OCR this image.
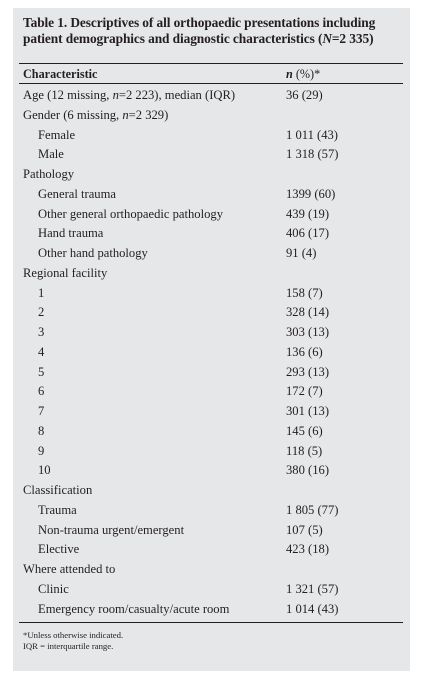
Table 1. Descriptives of all orthopaedic presentations including patient demographics and diagnostic characteristics (N=2 335)
Characteristic	n (%)*
Age (12 missing, n=2 223), median (IQR)	36 (29)
Gender (6 missing, n=2 329)
Female	1 011 (43)
Male	1 318 (57)
Pathology
General trauma	1399 (60)
Other general orthopaedic pathology	439 (19)
Hand trauma	406 (17)
Other hand pathology	91 (4)
Regional facility
1	158 (7)
2	328 (14)
3	303 (13)
4	136 (6)
5	293 (13)
6	172 (7)
7	301 (13)
8	145 (6)
9	118 (5)
10	380 (16)
Classification
Trauma	1 805 (77)
Non-trauma urgent/emergent	107 (5)
Elective	423 (18)
Where attended to
Clinic	1 321 (57)
Emergency room/casualty/acute room	1 014 (43)
*Unless otherwise indicated.
IQR = interquartile range.
